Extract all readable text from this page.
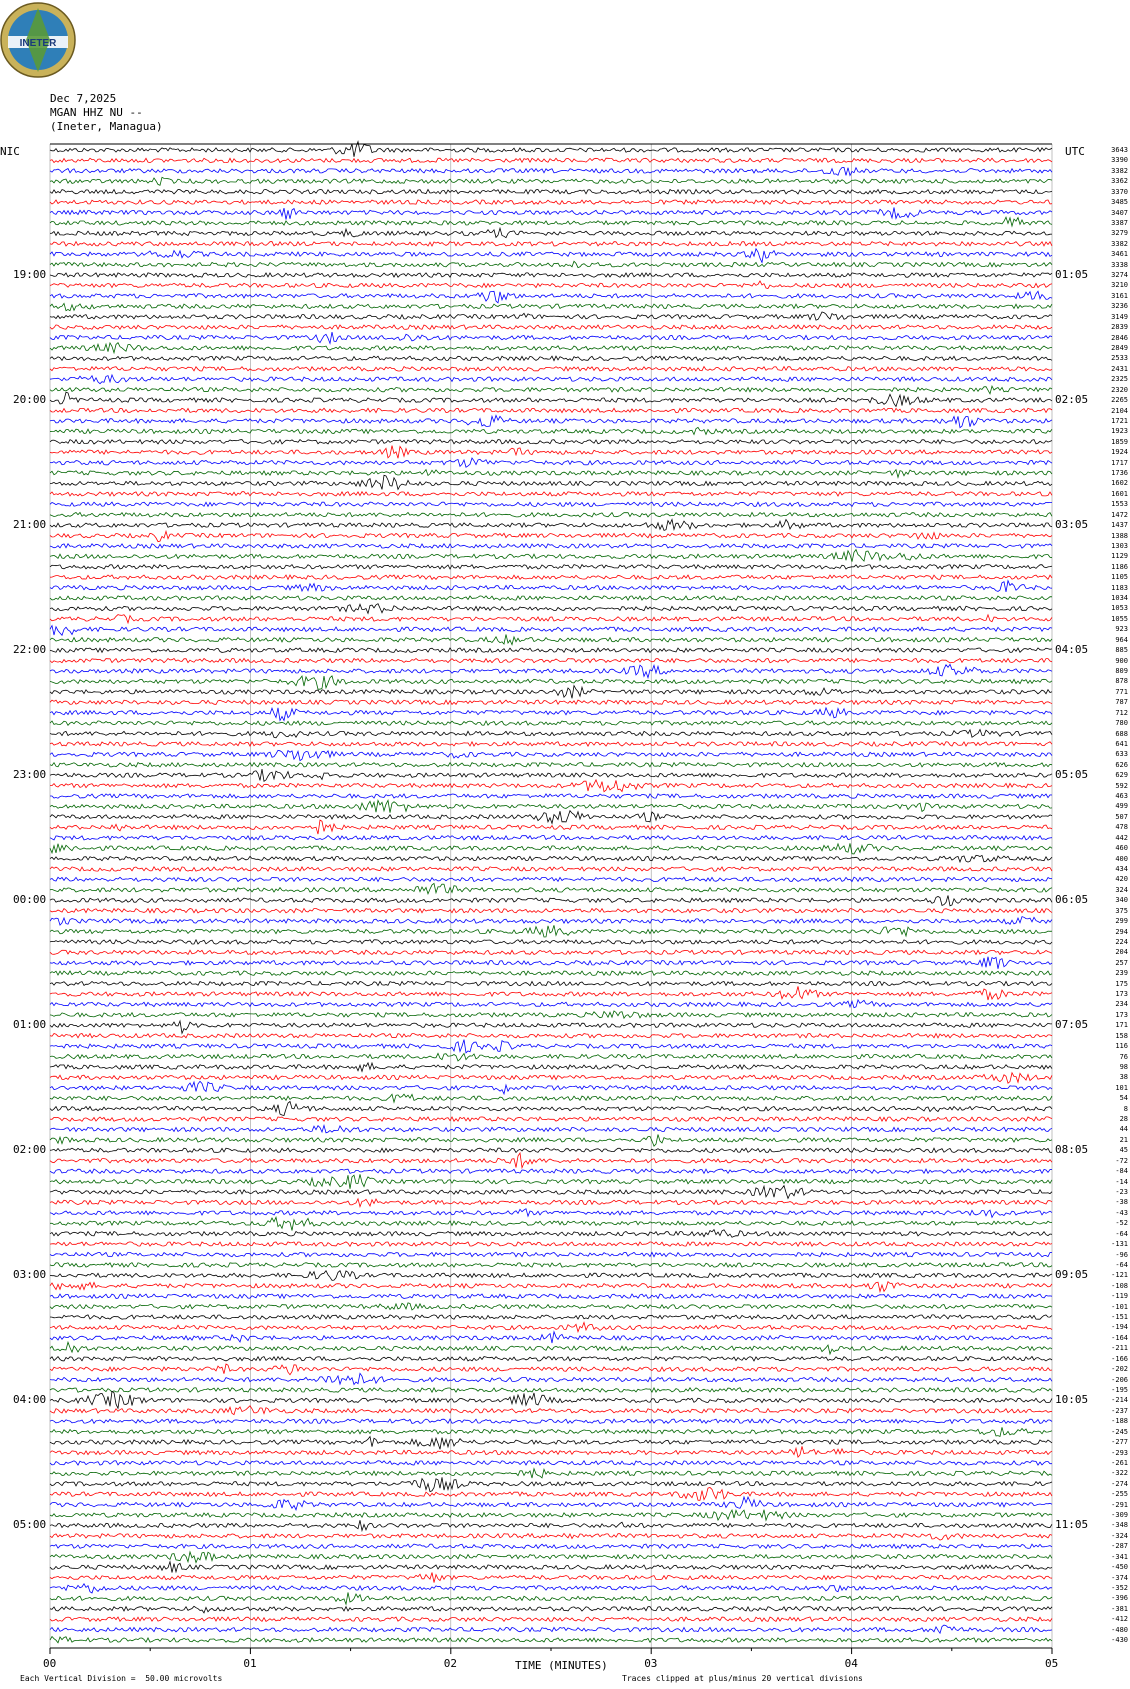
INETER
Dec 7,2025
MGAN HHZ NU --
(Ineter, Managua)
NIC	UTC
19:00
20:00
21:00
22:00
23:00
00:00
01:00
02:00
03:00
04:00
05:00
01:05
02:05
03:05
04:05
05:05
06:05
07:05
08:05
09:05
10:05
11:05
3643
3390
3382
3362
3370
3485
3407
3387
3279
3382
3461
3338
3274
3210
3161
3236
3149
2839
2846
2849
2533
2431
2325
2320
2265
2104
1721
1923
1859
1924
1717
1736
1602
1601
1553
1472
1437
1388
1303
1129
1186
1105
1183
1034
1053
1055
923
964
885
900
809
878
771
787
712
780
688
641
633
626
629
592
463
499
507
478
442
460
400
434
420
324
340
375
299
294
224
204
257
239
175
173
234
173
171
158
116
76
98
38
101
54
8
28
44
21
45
-72
-84
-14
-23
-38
-43
-52
-64
-131
-96
-64
-121
-108
-119
-101
-151
-194
-164
-211
-166
-202
-206
-195
-214
-237
-188
-245
-277
-293
-261
-322
-274
-255
-291
-309
-348
-324
-287
-341
-450
-374
-352
-396
-381
-412
-480
-430
00	01	02	03	04	05
TIME (MINUTES)
Each Vertical Division =  50.00 microvolts	Traces clipped at plus/minus 20 vertical divisions
